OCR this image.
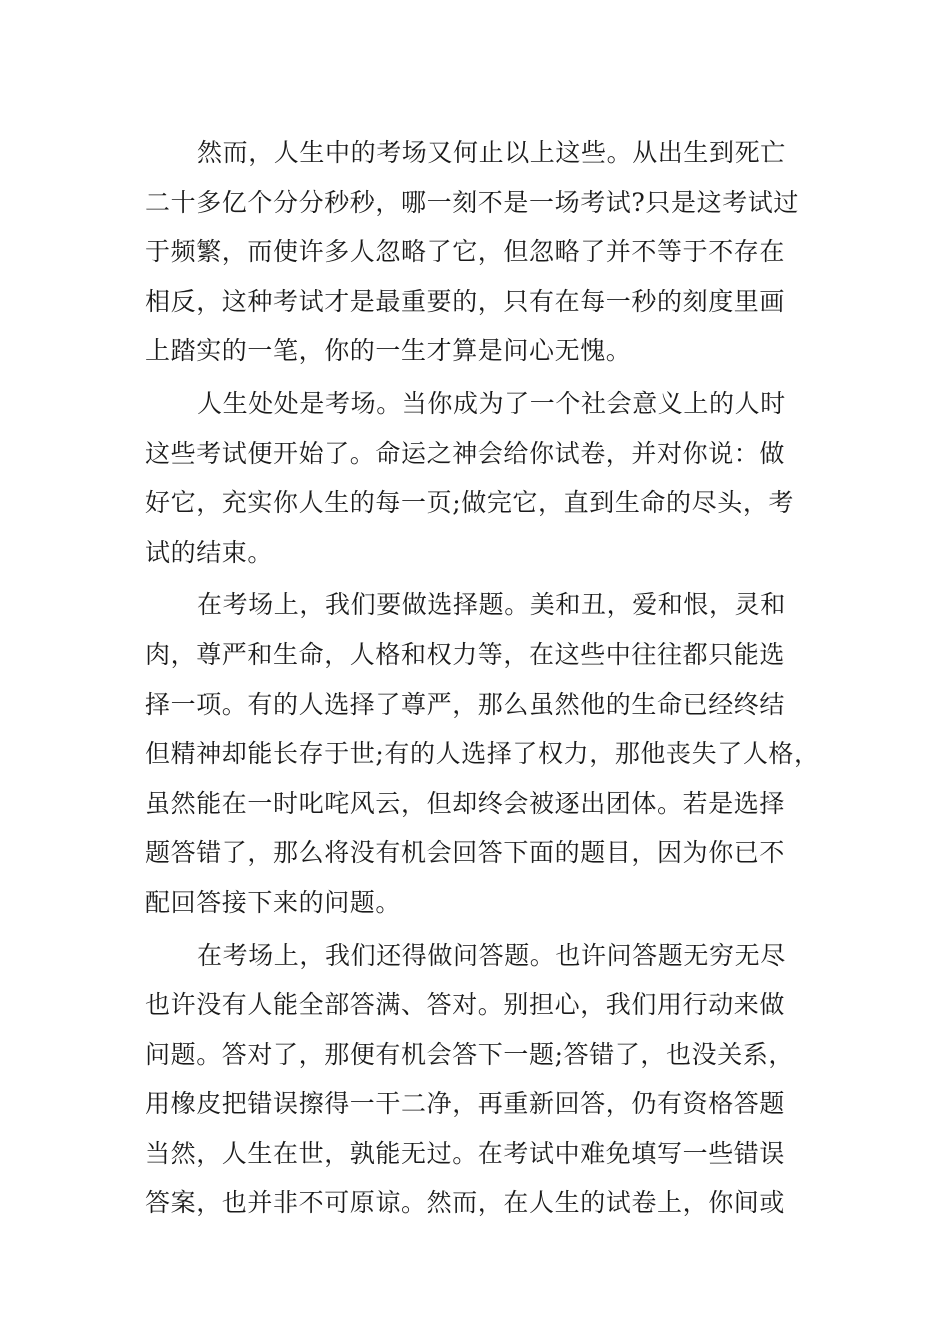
然而，人生中的考场又何止以上这些。从出生到死亡
二十多亿个分分秒秒，哪一刻不是一场考试?只是这考试过
于频繁，而使许多人忽略了它，但忽略了并不等于不存在
相反，这种考试才是最重要的，只有在每一秒的刻度里画
上踏实的一笔，你的一生才算是问心无愧。
人生处处是考场。当你成为了一个社会意义上的人时
这些考试便开始了。命运之神会给你试卷，并对你说：做
好它，充实你人生的每一页;做完它，直到生命的尽头，考
试的结束。
在考场上，我们要做选择题。美和丑，爱和恨，灵和
肉，尊严和生命，人格和权力等，在这些中往往都只能选
择一项。有的人选择了尊严，那么虽然他的生命已经终结
但精神却能长存于世;有的人选择了权力，那他丧失了人格，
虽然能在一时叱咤风云，但却终会被逐出团体。若是选择
题答错了，那么将没有机会回答下面的题目，因为你已不
配回答接下来的问题。
在考场上，我们还得做问答题。也许问答题无穷无尽
也许没有人能全部答满、答对。别担心，我们用行动来做
问题。答对了，那便有机会答下一题;答错了，也没关系，
用橡皮把错误擦得一干二净，再重新回答，仍有资格答题
当然，人生在世，孰能无过。在考试中难免填写一些错误
答案，也并非不可原谅。然而，在人生的试卷上，你间或
